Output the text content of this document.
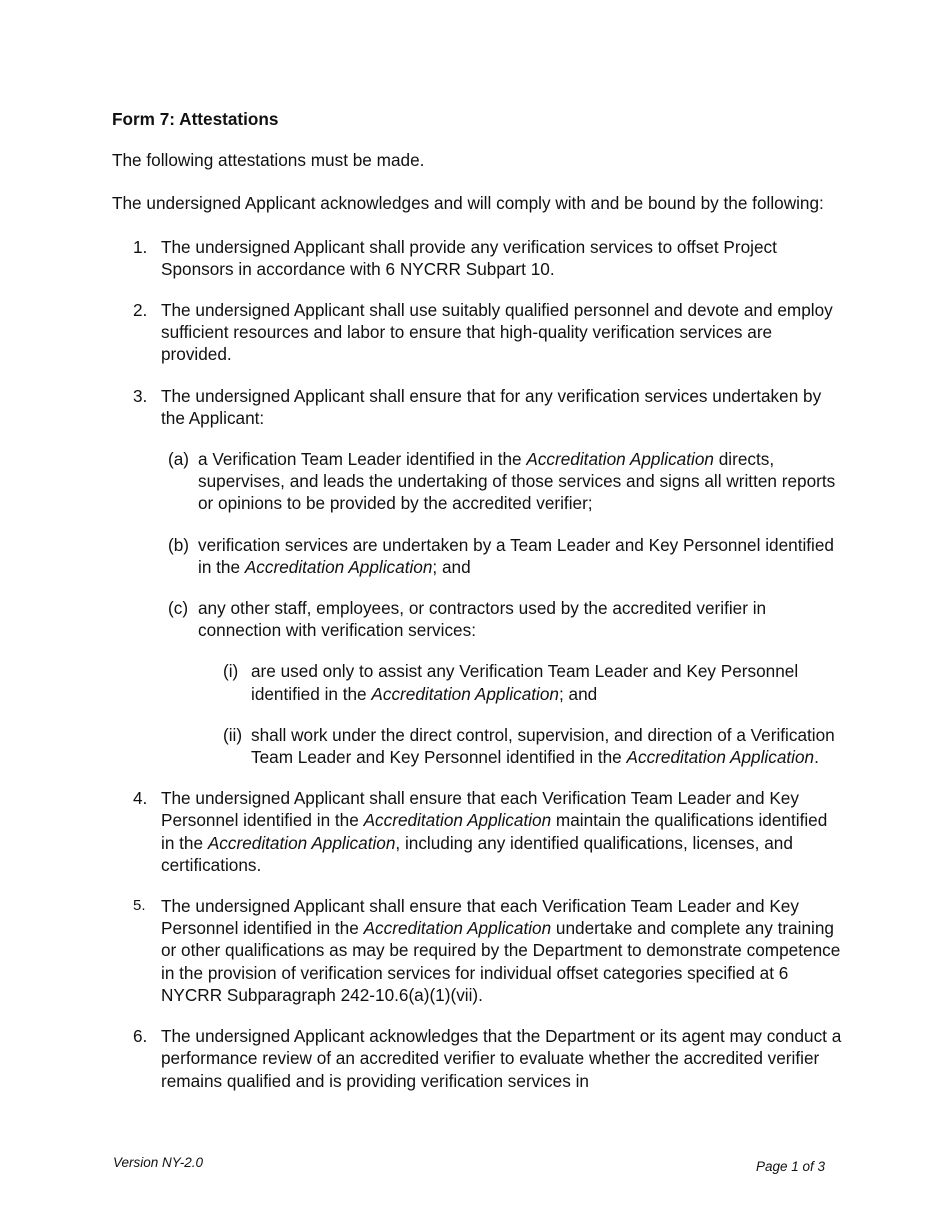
Form 7: Attestations

The following attestations must be made.

The undersigned Applicant acknowledges and will comply with and be bound by the following:

1. The undersigned Applicant shall provide any verification services to offset Project Sponsors in accordance with 6 NYCRR Subpart 10.
2. The undersigned Applicant shall use suitably qualified personnel and devote and employ sufficient resources and labor to ensure that high-quality verification services are provided.
3. The undersigned Applicant shall ensure that for any verification services undertaken by the Applicant:
(a) a Verification Team Leader identified in the Accreditation Application directs, supervises, and leads the undertaking of those services and signs all written reports or opinions to be provided by the accredited verifier;
(b) verification services are undertaken by a Team Leader and Key Personnel identified in the Accreditation Application; and
(c) any other staff, employees, or contractors used by the accredited verifier in connection with verification services:
(i) are used only to assist any Verification Team Leader and Key Personnel identified in the Accreditation Application; and
(ii) shall work under the direct control, supervision, and direction of a Verification Team Leader and Key Personnel identified in the Accreditation Application.
4. The undersigned Applicant shall ensure that each Verification Team Leader and Key Personnel identified in the Accreditation Application maintain the qualifications identified in the Accreditation Application, including any identified qualifications, licenses, and certifications.
5. The undersigned Applicant shall ensure that each Verification Team Leader and Key Personnel identified in the Accreditation Application undertake and complete any training or other qualifications as may be required by the Department to demonstrate competence in the provision of verification services for individual offset categories specified at 6 NYCRR Subparagraph 242-10.6(a)(1)(vii).
6. The undersigned Applicant acknowledges that the Department or its agent may conduct a performance review of an accredited verifier to evaluate whether the accredited verifier remains qualified and is providing verification services in
Version NY-2.0	Page 1 of 3
